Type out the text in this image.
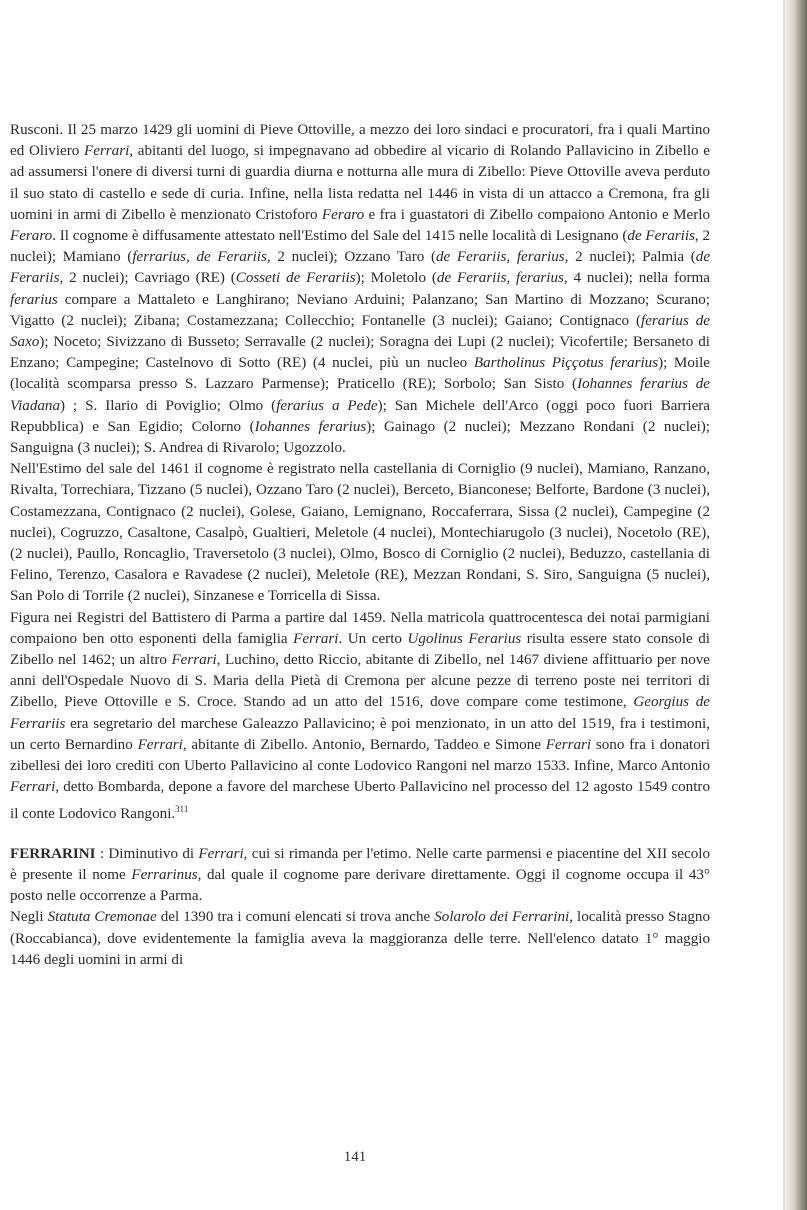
Rusconi. Il 25 marzo 1429 gli uomini di Pieve Ottoville, a mezzo dei loro sindaci e procuratori, fra i quali Martino ed Oliviero Ferrari, abitanti del luogo, si impegnavano ad obbedire al vicario di Rolando Pallavicino in Zibello e ad assumersi l'onere di diversi turni di guardia diurna e notturna alle mura di Zibello: Pieve Ottoville aveva perduto il suo stato di castello e sede di curia. Infine, nella lista redatta nel 1446 in vista di un attacco a Cremona, fra gli uomini in armi di Zibello è menzionato Cristoforo Feraro e fra i guastatori di Zibello compaiono Antonio e Merlo Feraro. Il cognome è diffusamente attestato nell'Estimo del Sale del 1415 nelle località di Lesignano (de Ferariis, 2 nuclei); Mamiano (ferrarius, de Ferariis, 2 nuclei); Ozzano Taro (de Ferariis, ferarius, 2 nuclei); Palmia (de Ferariis, 2 nuclei); Cavriago (RE) (Cosseti de Ferariis); Moletolo (de Ferariis, ferarius, 4 nuclei); nella forma ferarius compare a Mattaleto e Langhirano; Neviano Arduini; Palanzano; San Martino di Mozzano; Scurano; Vigatto (2 nuclei); Zibana; Costamezzana; Collecchio; Fontanelle (3 nuclei); Gaiano; Contignaco (ferarius de Saxo); Noceto; Sivizzano di Busseto; Serravalle (2 nuclei); Soragna dei Lupi (2 nuclei); Vicofertile; Bersaneto di Enzano; Campegine; Castelnovo di Sotto (RE) (4 nuclei, più un nucleo Bartholinus Piççotus ferarius); Moile (località scomparsa presso S. Lazzaro Parmense); Praticello (RE); Sorbolo; San Sisto (Iohannes ferarius de Viadana) ; S. Ilario di Poviglio; Olmo (ferarius a Pede); San Michele dell'Arco (oggi poco fuori Barriera Repubblica) e San Egidio; Colorno (Iohannes ferarius); Gainago (2 nuclei); Mezzano Rondani (2 nuclei); Sanguigna (3 nuclei); S. Andrea di Rivarolo; Ugozzolo.

Nell'Estimo del sale del 1461 il cognome è registrato nella castellania di Corniglio (9 nuclei), Mamiano, Ranzano, Rivalta, Torrechiara, Tizzano (5 nuclei), Ozzano Taro (2 nuclei), Berceto, Bianconese; Belforte, Bardone (3 nuclei), Costamezzana, Contignaco (2 nuclei), Golese, Gaiano, Lemignano, Roccaferrara, Sissa (2 nuclei), Campegine (2 nuclei), Cogruzzo, Casaltone, Casalpò, Gualtieri, Meletole (4 nuclei), Montechiarugolo (3 nuclei), Nocetolo (RE), (2 nuclei), Paullo, Roncaglio, Traversetolo (3 nuclei), Olmo, Bosco di Corniglio (2 nuclei), Beduzzo, castellania di Felino, Terenzo, Casalora e Ravadese (2 nuclei), Meletole (RE), Mezzan Rondani, S. Siro, Sanguigna (5 nuclei), San Polo di Torrile (2 nuclei), Sinzanese e Torricella di Sissa.

Figura nei Registri del Battistero di Parma a partire dal 1459. Nella matricola quattrocentesca dei notai parmigiani compaiono ben otto esponenti della famiglia Ferrari. Un certo Ugolinus Ferarius risulta essere stato console di Zibello nel 1462; un altro Ferrari, Luchino, detto Riccio, abitante di Zibello, nel 1467 diviene affittuario per nove anni dell'Ospedale Nuovo di S. Maria della Pietà di Cremona per alcune pezze di terreno poste nei territori di Zibello, Pieve Ottoville e S. Croce. Stando ad un atto del 1516, dove compare come testimone, Georgius de Ferrariis era segretario del marchese Galeazzo Pallavicino; è poi menzionato, in un atto del 1519, fra i testimoni, un certo Bernardino Ferrari, abitante di Zibello. Antonio, Bernardo, Taddeo e Simone Ferrari sono fra i donatori zibellesi dei loro crediti con Uberto Pallavicino al conte Lodovico Rangoni nel marzo 1533. Infine, Marco Antonio Ferrari, detto Bombarda, depone a favore del marchese Uberto Pallavicino nel processo del 12 agosto 1549 contro il conte Lodovico Rangoni.$^{311}$

FERRARINI : Diminutivo di Ferrari, cui si rimanda per l'etimo. Nelle carte parmensi e piacentine del XII secolo è presente il nome Ferrarinus, dal quale il cognome pare derivare direttamente. Oggi il cognome occupa il 43° posto nelle occorrenze a Parma.

Negli Statuta Cremonae del 1390 tra i comuni elencati si trova anche Solarolo dei Ferrarini, località presso Stagno (Roccabianca), dove evidentemente la famiglia aveva la maggioranza delle terre. Nell'elenco datato 1° maggio 1446 degli uomini in armi di

141
